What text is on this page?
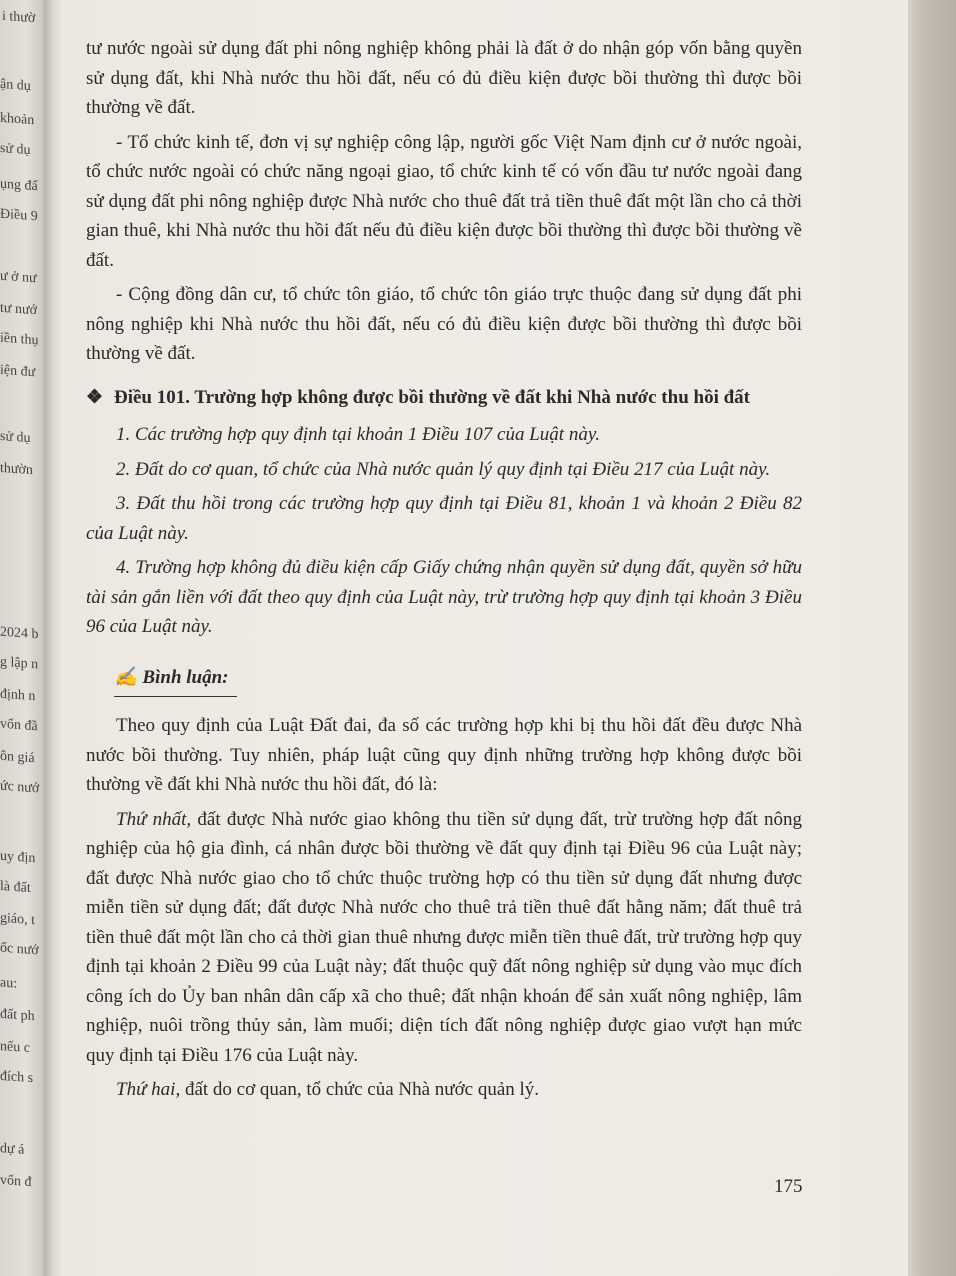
i thườ
ận dụ
khoản
sử dụ
ụng đấ
Điều 9
ư ở nư
tư nướ
iền thụ
iện đư
sử dụ
thườn
2024 b
g lập n
định n
vốn đầ
ôn giá
ức nướ
uy địn
là đất
giáo, t
ốc nướ
au:
đất ph
nếu c
đích s
dự á
vốn đ

tư nước ngoài sử dụng đất phi nông nghiệp không phải là đất ở do nhận góp vốn bằng quyền sử dụng đất, khi Nhà nước thu hồi đất, nếu có đủ điều kiện được bồi thường thì được bồi thường về đất.

- Tổ chức kinh tế, đơn vị sự nghiệp công lập, người gốc Việt Nam định cư ở nước ngoài, tổ chức nước ngoài có chức năng ngoại giao, tổ chức kinh tế có vốn đầu tư nước ngoài đang sử dụng đất phi nông nghiệp được Nhà nước cho thuê đất trả tiền thuê đất một lần cho cả thời gian thuê, khi Nhà nước thu hồi đất nếu đủ điều kiện được bồi thường thì được bồi thường về đất.

- Cộng đồng dân cư, tổ chức tôn giáo, tổ chức tôn giáo trực thuộc đang sử dụng đất phi nông nghiệp khi Nhà nước thu hồi đất, nếu có đủ điều kiện được bồi thường thì được bồi thường về đất.

❖ Điều 101. Trường hợp không được bồi thường về đất khi Nhà nước thu hồi đất

1. Các trường hợp quy định tại khoản 1 Điều 107 của Luật này.

2. Đất do cơ quan, tổ chức của Nhà nước quản lý quy định tại Điều 217 của Luật này.

3. Đất thu hồi trong các trường hợp quy định tại Điều 81, khoản 1 và khoản 2 Điều 82 của Luật này.

4. Trường hợp không đủ điều kiện cấp Giấy chứng nhận quyền sử dụng đất, quyền sở hữu tài sản gắn liền với đất theo quy định của Luật này, trừ trường hợp quy định tại khoản 3 Điều 96 của Luật này.

✍ Bình luận:

Theo quy định của Luật Đất đai, đa số các trường hợp khi bị thu hồi đất đều được Nhà nước bồi thường. Tuy nhiên, pháp luật cũng quy định những trường hợp không được bồi thường về đất khi Nhà nước thu hồi đất, đó là:

Thứ nhất, đất được Nhà nước giao không thu tiền sử dụng đất, trừ trường hợp đất nông nghiệp của hộ gia đình, cá nhân được bồi thường về đất quy định tại Điều 96 của Luật này; đất được Nhà nước giao cho tổ chức thuộc trường hợp có thu tiền sử dụng đất nhưng được miễn tiền sử dụng đất; đất được Nhà nước cho thuê trả tiền thuê đất hằng năm; đất thuê trả tiền thuê đất một lần cho cả thời gian thuê nhưng được miễn tiền thuê đất, trừ trường hợp quy định tại khoản 2 Điều 99 của Luật này; đất thuộc quỹ đất nông nghiệp sử dụng vào mục đích công ích do Ủy ban nhân dân cấp xã cho thuê; đất nhận khoán để sản xuất nông nghiệp, lâm nghiệp, nuôi trồng thủy sản, làm muối; diện tích đất nông nghiệp được giao vượt hạn mức quy định tại Điều 176 của Luật này.

Thứ hai, đất do cơ quan, tổ chức của Nhà nước quản lý.

175
